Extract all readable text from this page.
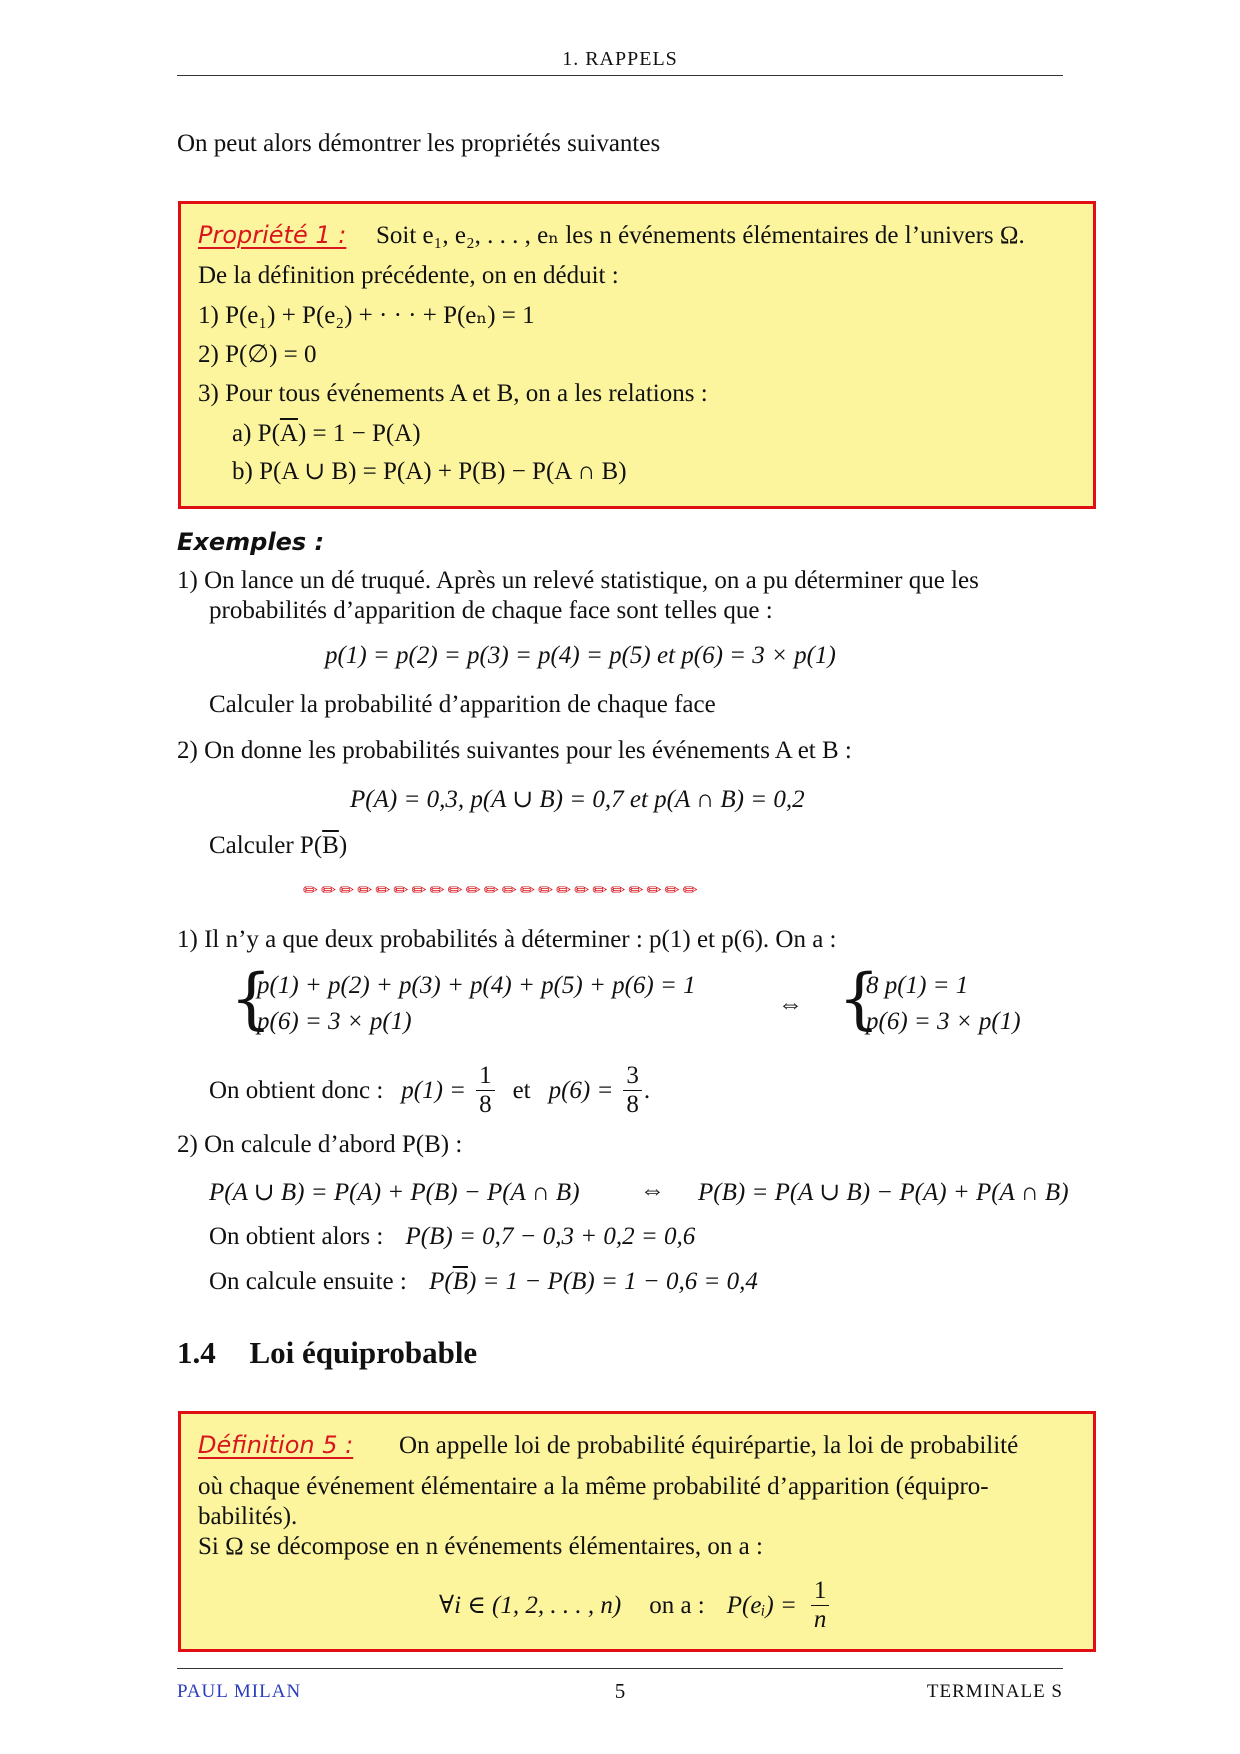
1. RAPPELS
On peut alors démontrer les propriétés suivantes
Propriété 1 : Soit e₁, e₂, . . . , eₙ les n événements élémentaires de l’univers Ω.
De la définition précédente, on en déduit :
1) P(e₁) + P(e₂) + · · · + P(eₙ) = 1
2) P(∅) = 0
3) Pour tous événements A et B, on a les relations :
a) $P(\overline{A}) = 1 - P(A)$
b) P(A ∪ B) = P(A) + P(B) − P(A ∩ B)
Exemples :
1) On lance un dé truqué. Après un relevé statistique, on a pu déterminer que les
probabilités d’apparition de chaque face sont telles que :
p(1) = p(2) = p(3) = p(4) = p(5) et p(6) = 3 × p(1)
Calculer la probabilité d’apparition de chaque face
2) On donne les probabilités suivantes pour les événements A et B :
P(A) = 0,3, p(A ∪ B) = 0,7 et p(A ∩ B) = 0,2
Calculer $P(\overline{B})$
✏✏✏✏✏✏✏✏✏✏✏✏✏✏✏✏✏✏✏✏✏✏
1) Il n’y a que deux probabilités à déterminer : p(1) et p(6). On a :
{
p(1) + p(2) + p(3) + p(4) + p(5) + p(6) = 1
p(6) = 3 × p(1)
⇔ {
8 p(1) = 1
p(6) = 3 × p(1)
On obtient donc : $p(1) = \frac{1}{8}$ et $p(6) = \frac{3}{8}$ .
2) On calcule d’abord P(B) :
P(A ∪ B) = P(A) + P(B) − P(A ∩ B) ⇔ P(B) = P(A ∪ B) − P(A) + P(A ∩ B)
On obtient alors : P(B) = 0,7 − 0,3 + 0,2 = 0,6
On calcule ensuite : $P(\overline{B}) = 1 - P(B) = 1 - 0,6 = 0,4$
1.4 Loi équiprobable
Définition 5 : On appelle loi de probabilité équirépartie, la loi de probabilité
où chaque événement élémentaire a la même probabilité d’apparition (équipro-
babilités).
Si Ω se décompose en n événements élémentaires, on a :
∀i ∈ (1, 2, . . . , n) on a : P(eᵢ) = $\frac{1}{n}$
PAUL MILAN	5	TERMINALE S
